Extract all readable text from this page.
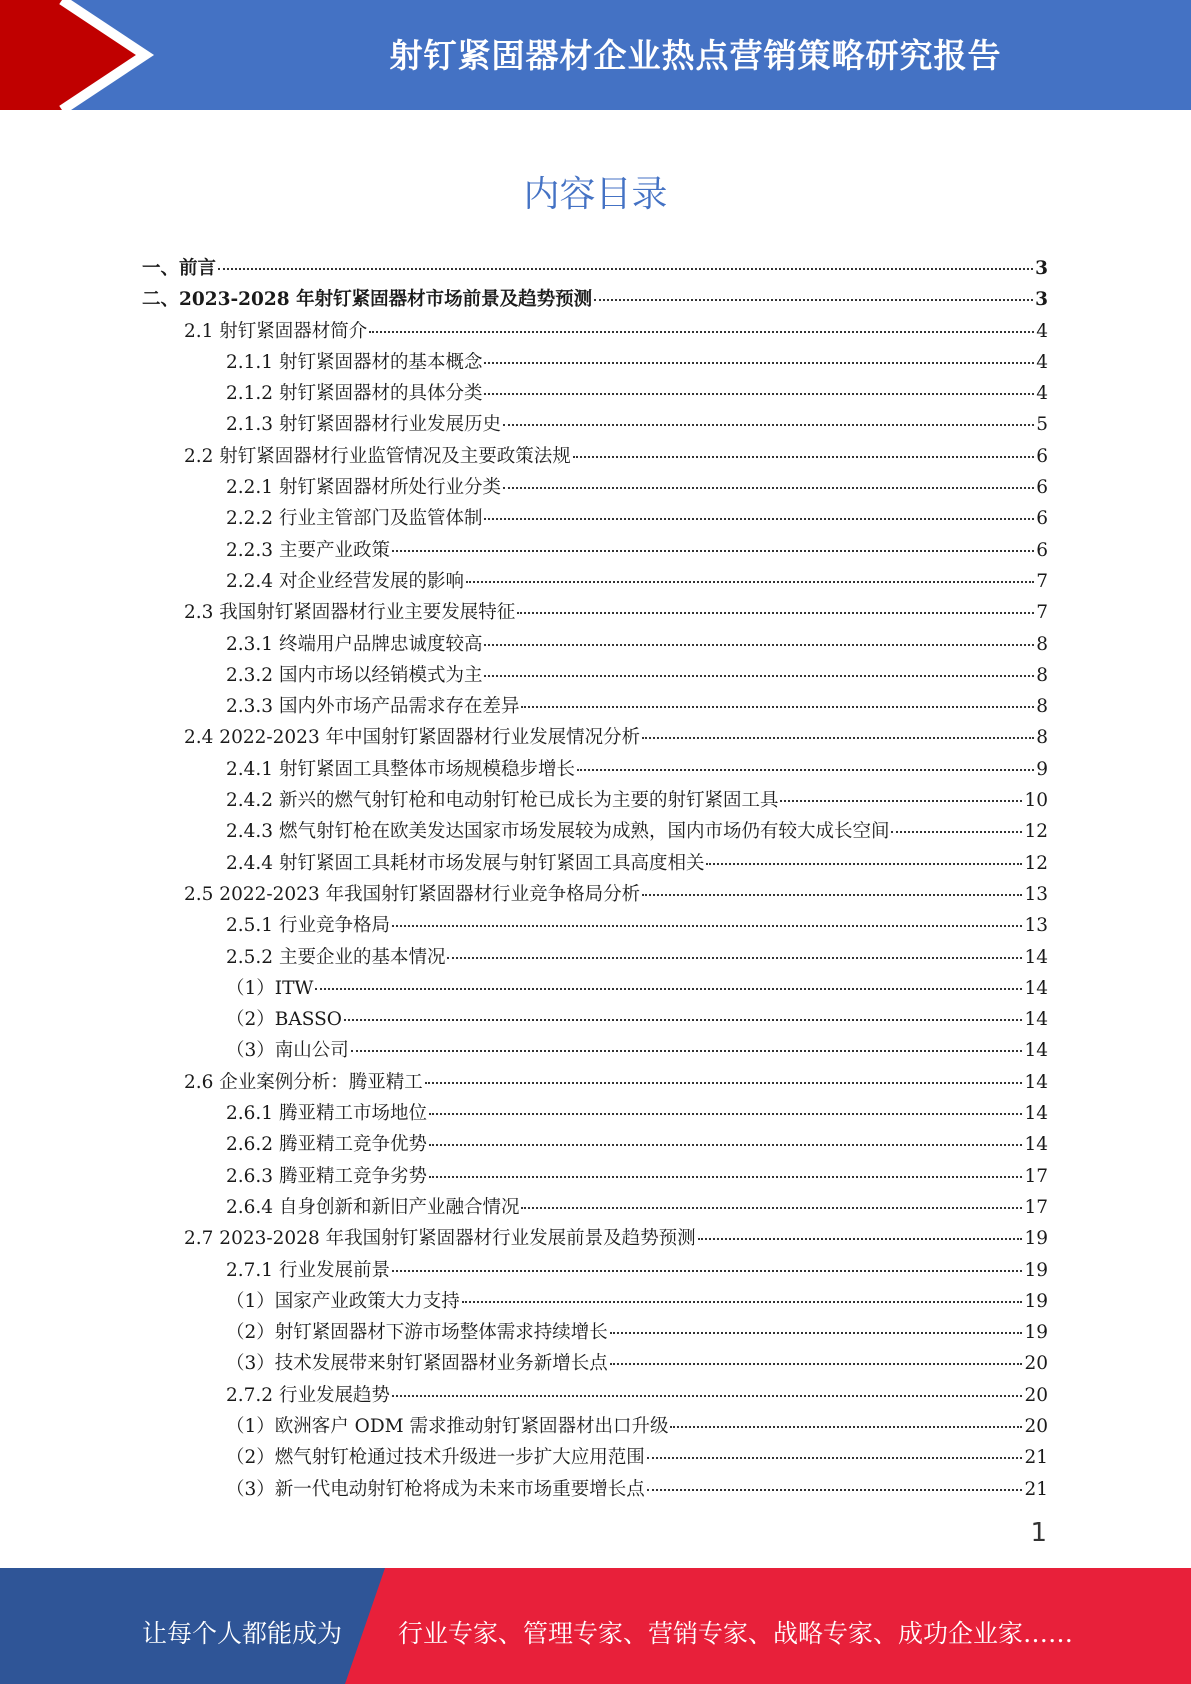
射钉紧固器材企业热点营销策略研究报告
内容目录
一、前言	3
二、2023-2028 年射钉紧固器材市场前景及趋势预测	3
2.1 射钉紧固器材简介	4
2.1.1 射钉紧固器材的基本概念	4
2.1.2 射钉紧固器材的具体分类	4
2.1.3 射钉紧固器材行业发展历史	5
2.2 射钉紧固器材行业监管情况及主要政策法规	6
2.2.1 射钉紧固器材所处行业分类	6
2.2.2 行业主管部门及监管体制	6
2.2.3 主要产业政策	6
2.2.4 对企业经营发展的影响	7
2.3 我国射钉紧固器材行业主要发展特征	7
2.3.1 终端用户品牌忠诚度较高	8
2.3.2 国内市场以经销模式为主	8
2.3.3 国内外市场产品需求存在差异	8
2.4 2022-2023 年中国射钉紧固器材行业发展情况分析	8
2.4.1 射钉紧固工具整体市场规模稳步增长	9
2.4.2 新兴的燃气射钉枪和电动射钉枪已成长为主要的射钉紧固工具	10
2.4.3 燃气射钉枪在欧美发达国家市场发展较为成熟，国内市场仍有较大成长空间	12
2.4.4 射钉紧固工具耗材市场发展与射钉紧固工具高度相关	12
2.5 2022-2023 年我国射钉紧固器材行业竞争格局分析	13
2.5.1 行业竞争格局	13
2.5.2 主要企业的基本情况	14
（1）ITW	14
（2）BASSO	14
（3）南山公司	14
2.6 企业案例分析：腾亚精工	14
2.6.1 腾亚精工市场地位	14
2.6.2 腾亚精工竞争优势	14
2.6.3 腾亚精工竞争劣势	17
2.6.4 自身创新和新旧产业融合情况	17
2.7 2023-2028 年我国射钉紧固器材行业发展前景及趋势预测	19
2.7.1 行业发展前景	19
（1）国家产业政策大力支持	19
（2）射钉紧固器材下游市场整体需求持续增长	19
（3）技术发展带来射钉紧固器材业务新增长点	20
2.7.2 行业发展趋势	20
（1）欧洲客户 ODM 需求推动射钉紧固器材出口升级	20
（2）燃气射钉枪通过技术升级进一步扩大应用范围	21
（3）新一代电动射钉枪将成为未来市场重要增长点	21
1
让每个人都能成为 行业专家、管理专家、营销专家、战略专家、成功企业家……
